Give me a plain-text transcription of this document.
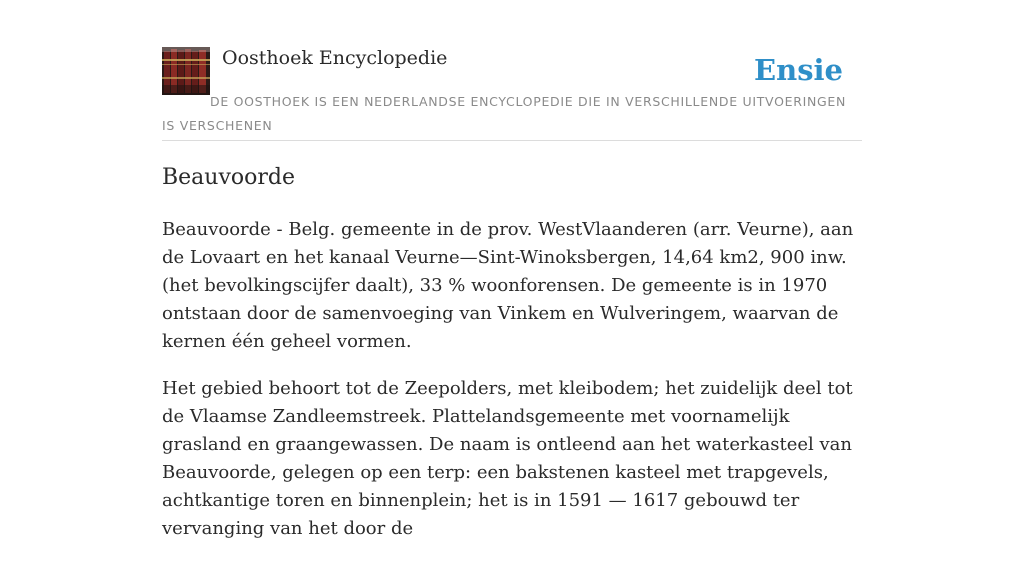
Oosthoek Encyclopedie	Ensie

DE OOSTHOEK IS EEN NEDERLANDSE ENCYCLOPEDIE DIE IN VERSCHILLENDE UITVOERINGEN IS VERSCHENEN

Beauvoorde

Beauvoorde - Belg. gemeente in de prov. WestVlaanderen (arr. Veurne), aan de Lovaart en het kanaal Veurne—Sint-Winoksbergen, 14,64 km2, 900 inw. (het bevolkingscijfer daalt), 33 % woonforensen. De gemeente is in 1970 ontstaan door de samenvoeging van Vinkem en Wulveringem, waarvan de kernen één geheel vormen.

Het gebied behoort tot de Zeepolders, met kleibodem; het zuidelijk deel tot de Vlaamse Zandleemstreek. Plattelandsgemeente met voornamelijk grasland en graangewassen. De naam is ontleend aan het waterkasteel van Beauvoorde, gelegen op een terp: een bakstenen kasteel met trapgevels, achtkantige toren en binnenplein; het is in 1591 — 1617 gebouwd ter vervanging van het door de
